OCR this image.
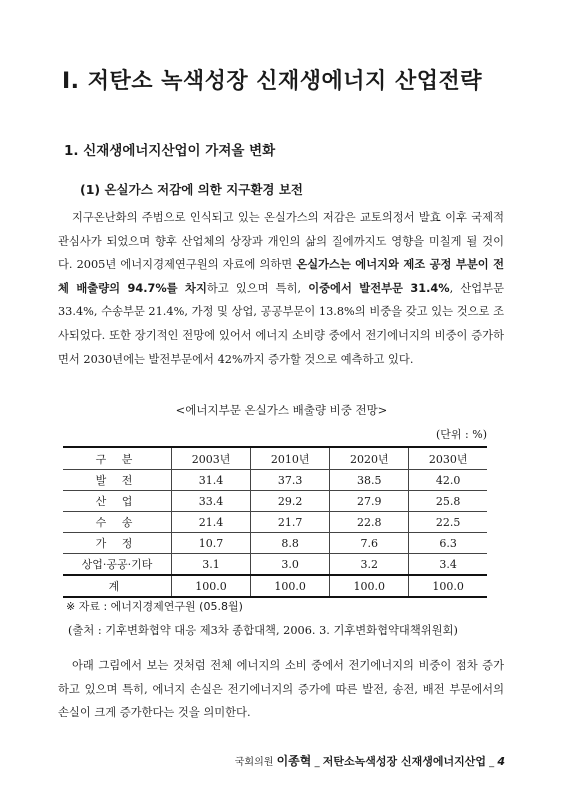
Ⅰ. 저탄소 녹색성장 신재생에너지 산업전략
1. 신재생에너지산업이 가져올 변화
(1) 온실가스 저감에 의한 지구환경 보전

지구온난화의 주범으로 인식되고 있는 온실가스의 저감은 교토의정서 발효 이후 국제적 관심사가 되었으며 향후 산업체의 상장과 개인의 삶의 질에까지도 영향을 미칠게 될 것이다. 2005년 에너지경제연구원의 자료에 의하면 온실가스는 에너지와 제조 공정 부분이 전체 배출량의 94.7%를 차지하고 있으며 특히, 이중에서 발전부문 31.4%, 산업부문 33.4%, 수송부문 21.4%, 가정 및 상업, 공공부문이 13.8%의 비중을 갖고 있는 것으로 조사되었다. 또한 장기적인 전망에 있어서 에너지 소비량 중에서 전기에너지의 비중이 증가하면서 2030년에는 발전부문에서 42%까지 증가할 것으로 예측하고 있다.

<에너지부문 온실가스 배출량 비중 전망>
(단위 : %)
구 분	2003년	2010년	2020년	2030년
발 전	31.4	37.3	38.5	42.0
산 업	33.4	29.2	27.9	25.8
수 송	21.4	21.7	22.8	22.5
가 정	10.7	8.8	7.6	6.3
상업·공공·기타	3.1	3.0	3.2	3.4
계	100.0	100.0	100.0	100.0
※ 자료 : 에너지경제연구원 (05.8월)
(출처 : 기후변화협약 대응 제3차 종합대책, 2006. 3. 기후변화협약대책위원회)

아래 그림에서 보는 것처럼 전체 에너지의 소비 중에서 전기에너지의 비중이 점차 증가하고 있으며 특히, 에너지 손실은 전기에너지의 증가에 따른 발전, 송전, 배전 부문에서의 손실이 크게 증가한다는 것을 의미한다.

국회의원 이종혁 _ 저탄소녹색성장 신재생에너지산업 _ 4
